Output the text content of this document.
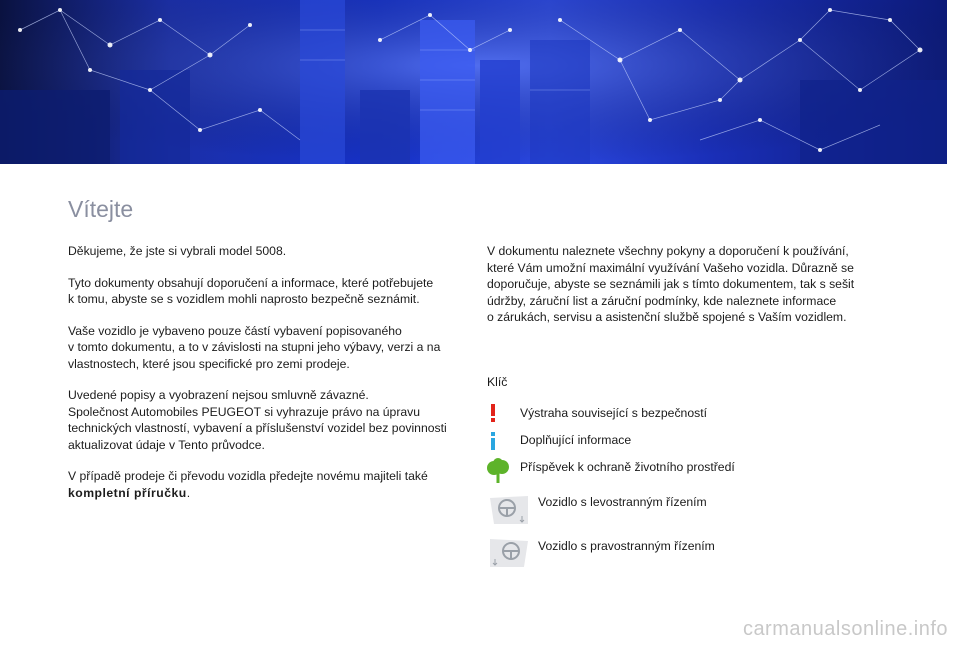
Vítejte

Děkujeme, že jste si vybrali model 5008.

Tyto dokumenty obsahují doporučení a informace, které potřebujete
k tomu, abyste se s vozidlem mohli naprosto bezpečně seznámit.

Vaše vozidlo je vybaveno pouze částí vybavení popisovaného
v tomto dokumentu, a to v závislosti na stupni jeho výbavy, verzi a na
vlastnostech, které jsou specifické pro zemi prodeje.

Uvedené popisy a vyobrazení nejsou smluvně závazné.
Společnost Automobiles PEUGEOT si vyhrazuje právo na úpravu
technických vlastností, vybavení a příslušenství vozidel bez povinnosti
aktualizovat údaje v Tento průvodce.

V případě prodeje či převodu vozidla předejte novému majiteli také
kompletní příručku.

V dokumentu naleznete všechny pokyny a doporučení k používání,
které Vám umožní maximální využívání Vašeho vozidla. Důrazně se
doporučuje, abyste se seznámili jak s tímto dokumentem, tak s sešit
údržby, záruční list a záruční podmínky, kde naleznete informace
o zárukách, servisu a asistenční službě spojené s Vaším vozidlem.

Klíč
Výstraha související s bezpečností
Doplňující informace
Příspěvek k ochraně životního prostředí
Vozidlo s levostranným řízením
Vozidlo s pravostranným řízením
carmanualsonline.info
